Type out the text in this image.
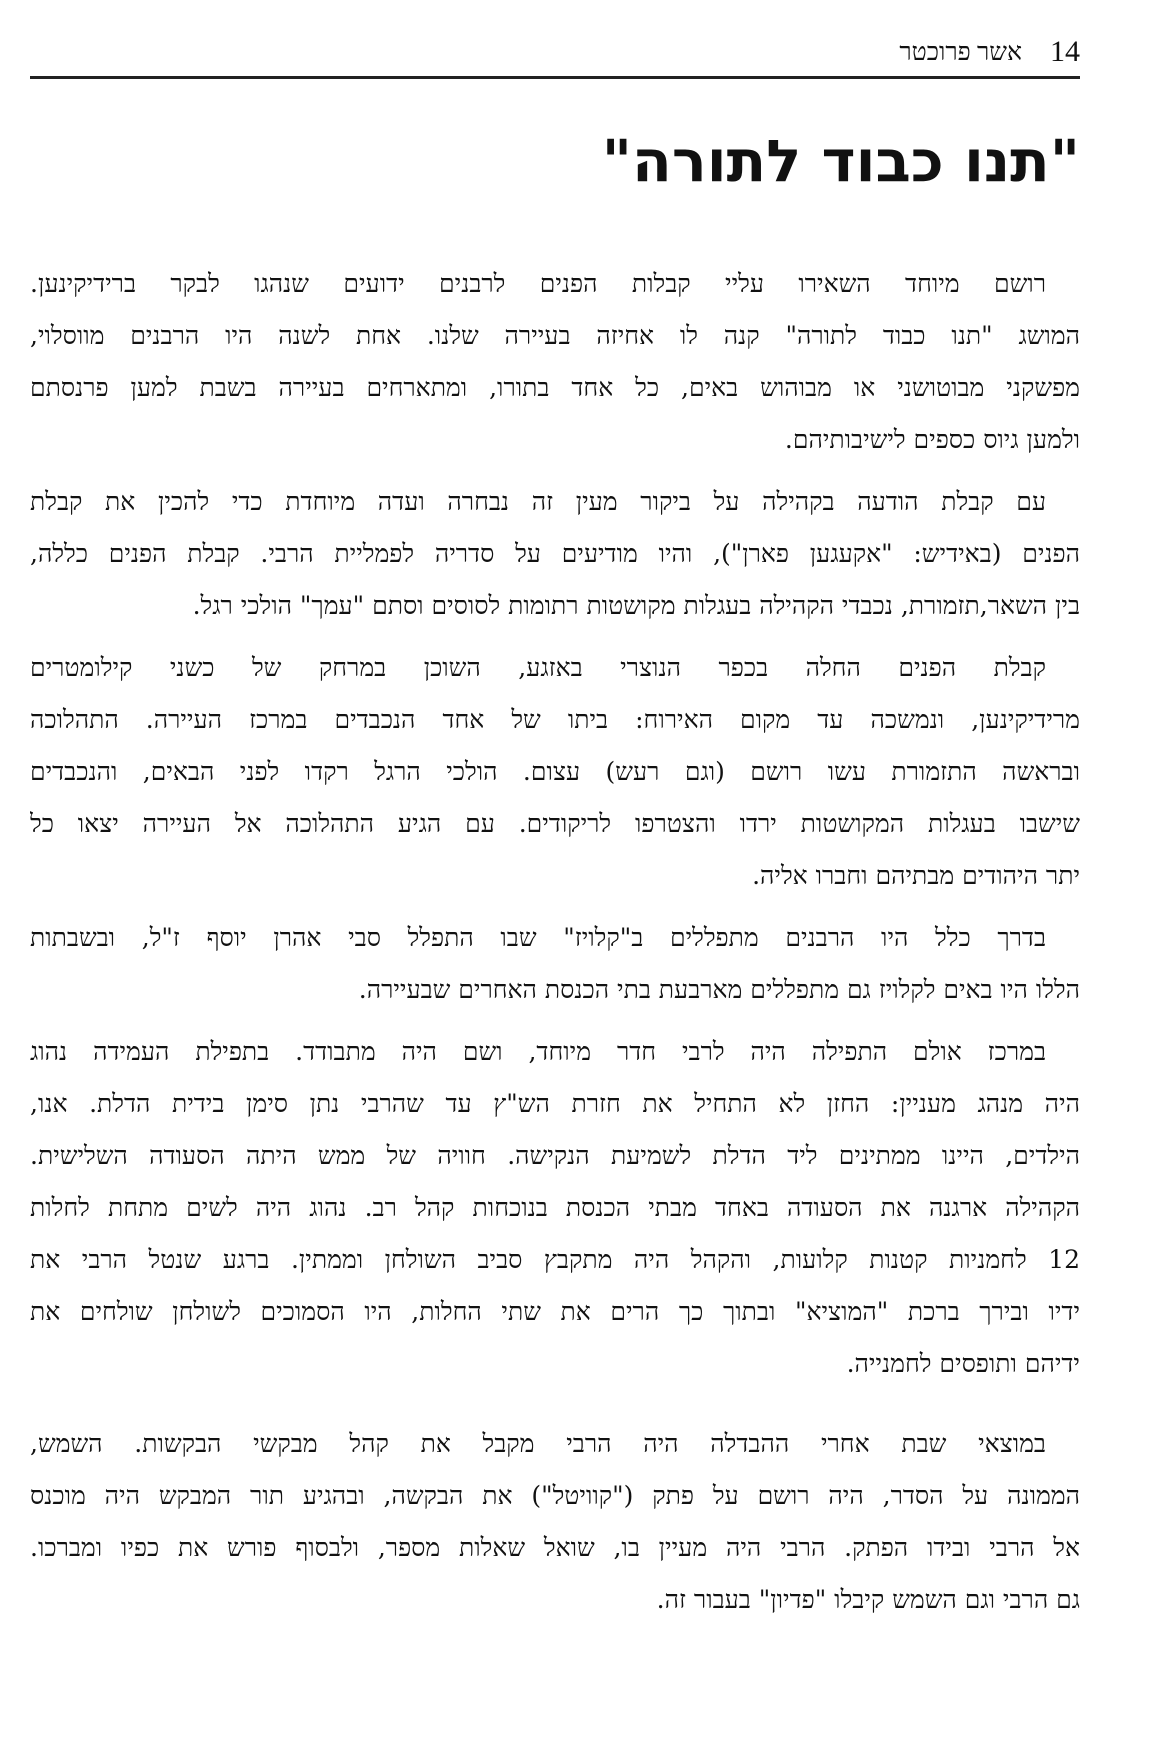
14
אשר פרוכטר
"תנו כבוד לתורה"
רושם מיוחד השאירו עליי קבלות הפנים לרבנים ידועים שנהגו לבקר ברידיקינען.
המושג "תנו כבוד לתורה" קנה לו אחיזה בעיירה שלנו. אחת לשנה היו הרבנים מווסלוי,
מפשקני מבוטושני או מבוהוש באים, כל אחד בתורו, ומתארחים בעיירה בשבת למען פרנסתם
ולמען גיוס כספים לישיבותיהם.
עם קבלת הודעה בקהילה על ביקור מעין זה נבחרה ועדה מיוחדת כדי להכין את קבלת
הפנים (באידיש: "אקעגען פארן"), והיו מודיעים על סדריה לפמליית הרבי. קבלת הפנים כללה,
בין השאר,תזמורת, נכבדי הקהילה בעגלות מקושטות רתומות לסוסים וסתם "עמך" הולכי רגל.
קבלת הפנים החלה בכפר הנוצרי באזגע, השוכן במרחק של כשני קילומטרים
מרידיקינען, ונמשכה עד מקום האירוח: ביתו של אחד הנכבדים במרכז העיירה. התהלוכה
ובראשה התזמורת עשו רושם (וגם רעש) עצום. הולכי הרגל רקדו לפני הבאים, והנכבדים
שישבו בעגלות המקושטות ירדו והצטרפו לריקודים. עם הגיע התהלוכה אל העיירה יצאו כל
יתר היהודים מבתיהם וחברו אליה.
בדרך כלל היו הרבנים מתפללים ב"קלויז" שבו התפלל סבי אהרן יוסף ז"ל, ובשבתות
הללו היו באים לקלויז גם מתפללים מארבעת בתי הכנסת האחרים שבעיירה.
במרכז אולם התפילה היה לרבי חדר מיוחד, ושם היה מתבודד. בתפילת העמידה נהוג
היה מנהג מעניין: החזן לא התחיל את חזרת הש"ץ עד שהרבי נתן סימן בידית הדלת. אנו,
הילדים, היינו ממתינים ליד הדלת לשמיעת הנקישה. חוויה של ממש היתה הסעודה השלישית.
הקהילה ארגנה את הסעודה באחד מבתי הכנסת בנוכחות קהל רב. נהוג היה לשים מתחת לחלות
12 לחמניות קטנות קלועות, והקהל היה מתקבץ סביב השולחן וממתין. ברגע שנטל הרבי את
ידיו ובירך ברכת "המוציא" ובתוך כך הרים את שתי החלות, היו הסמוכים לשולחן שולחים את
ידיהם ותופסים לחמנייה.
במוצאי שבת אחרי ההבדלה היה הרבי מקבל את קהל מבקשי הבקשות. השמש,
הממונה על הסדר, היה רושם על פתק ("קוויטל") את הבקשה, ובהגיע תור המבקש היה מוכנס
אל הרבי ובידו הפתק. הרבי היה מעיין בו, שואל שאלות מספר, ולבסוף פורש את כפיו ומברכו.
גם הרבי וגם השמש קיבלו "פדיון" בעבור זה.
